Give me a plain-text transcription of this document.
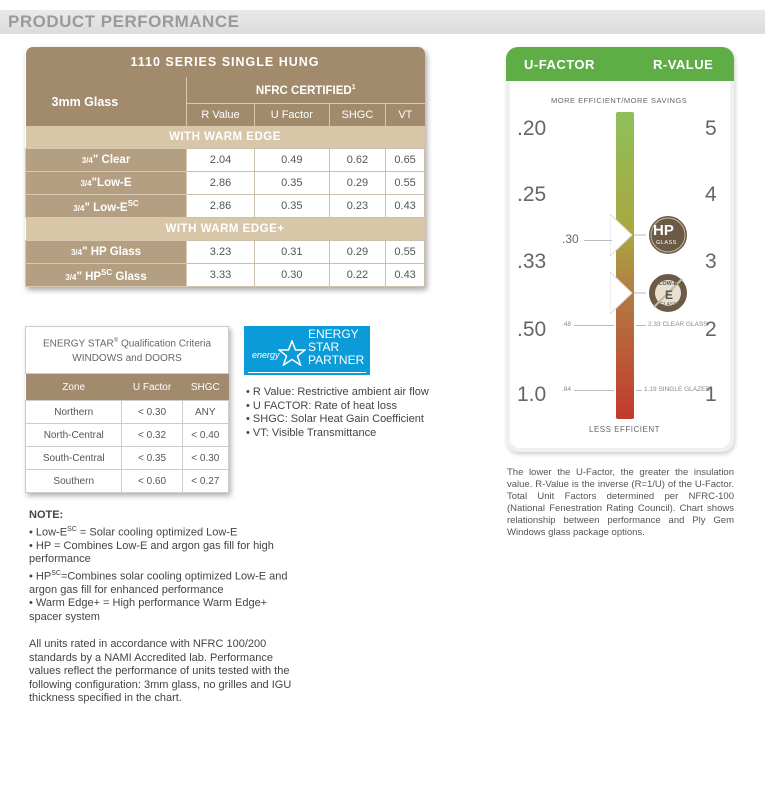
PRODUCT PERFORMANCE
1110 SERIES SINGLE HUNG				
3mm Glass	NFRC CERTIFIED$^1$
	R Value	U Factor	SHGC	VT
WITH WARM EDGE				
3/4" Clear	2.04	0.49	0.62	0.65
3/4"Low-E	2.86	0.35	0.29	0.55
3/4" Low-$E^{SC}$	2.86	0.35	0.23	0.43
WITH WARM EDGE+				
3/4" HP Glass	3.23	0.31	0.29	0.55
3/4" $HP^{SC}$ Glass	3.33	0.30	0.22	0.43
ENERGY STAR® Qualification Criteria
WINDOWS and DOORS		
Zone	U Factor	SHGC
Northern	< 0.30	ANY
North-Central	< 0.32	< 0.40
South-Central	< 0.35	< 0.30
Southern	< 0.60	< 0.27
energy
ENERGY
STAR
PARTNER
• R Value: Restrictive ambient air flow
• U FACTOR: Rate of heat loss
• SHGC: Solar Heat Gain Coefficient
• VT: Visible Transmittance
NOTE:
• Low-$E^{SC}$ = Solar cooling optimized Low-E
• HP = Combines Low-E and argon gas fill for high performance
• $HP^{SC}=Combines$ solar cooling optimized Low-E and argon gas fill for enhanced performance
• Warm Edge+ = High performance Warm Edge+ spacer system
All units rated in accordance with NFRC 100/200 standards by a NAMI Accredited lab. Performance values reflect the performance of units tested with the following configuration: 3mm glass, no grilles and IGU thickness specified in the chart.
U-FACTOR	R-VALUE
MORE EFFICIENT/MORE SAVINGS
.20	5
.25	4
.33	3
.50	2
1.0	1
HP
GLASS
.30
LOW-E
E
GLASS
.48	2.33 CLEAR GLASS
.84	1.19 SINGLE GLAZED
LESS EFFICIENT
The lower the U-Factor, the greater the insulation value. R-Value is the inverse (R=1/U) of the U-Factor. Total Unit Factors determined per NFRC-100 (National Fenestration Rating Council). Chart shows relationship between performance and Ply Gem Windows glass package options.
